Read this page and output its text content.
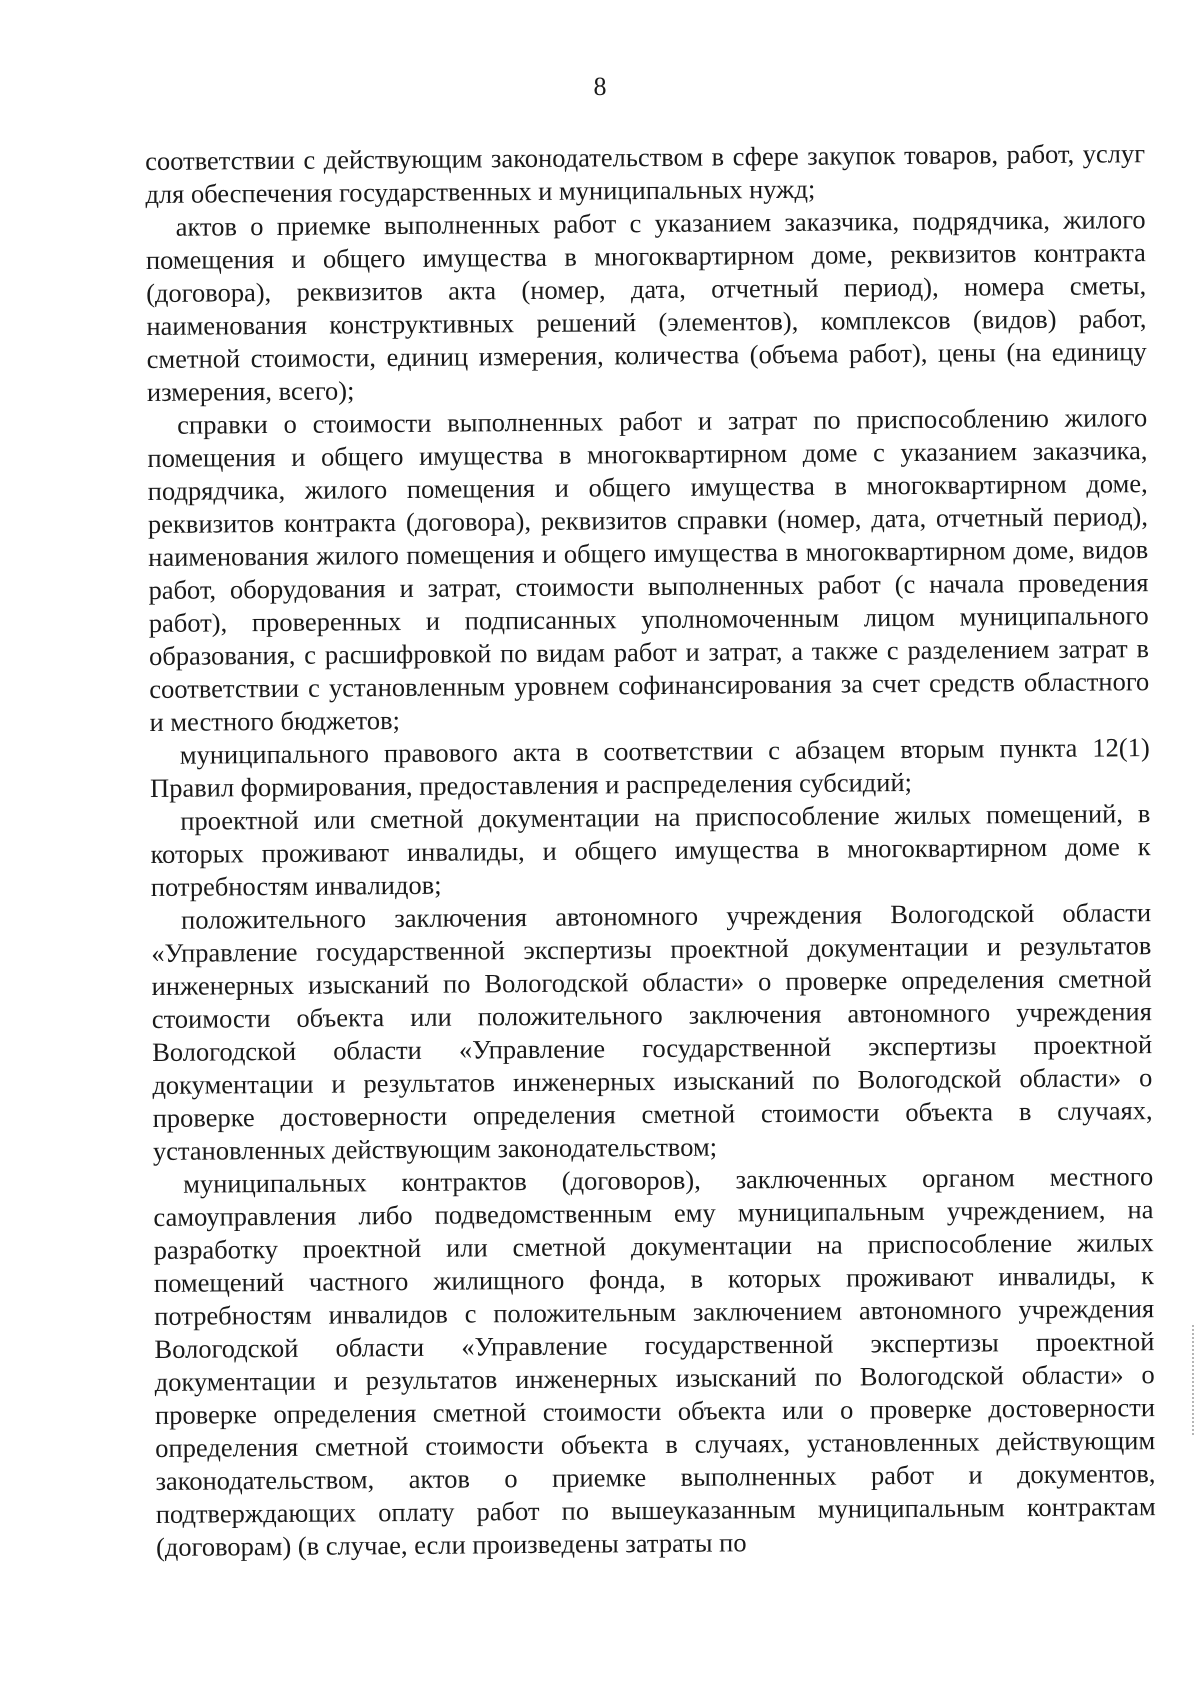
8

соответствии с действующим законодательством в сфере закупок товаров, работ, услуг для обеспечения государственных и муниципальных нужд;

актов о приемке выполненных работ с указанием заказчика, подрядчика, жилого помещения и общего имущества в многоквартирном доме, реквизитов контракта (договора), реквизитов акта (номер, дата, отчетный период), номера сметы, наименования конструктивных решений (элементов), комплексов (видов) работ, сметной стоимости, единиц измерения, количества (объема работ), цены (на единицу измерения, всего);

справки о стоимости выполненных работ и затрат по приспособлению жилого помещения и общего имущества в многоквартирном доме с указанием заказчика, подрядчика, жилого помещения и общего имущества в многоквартирном доме, реквизитов контракта (договора), реквизитов справки (номер, дата, отчетный период), наименования жилого помещения и общего имущества в многоквартирном доме, видов работ, оборудования и затрат, стоимости выполненных работ (с начала проведения работ), проверенных и подписанных уполномоченным лицом муниципального образования, с расшифровкой по видам работ и затрат, а также с разделением затрат в соответствии с установленным уровнем софинансирования за счет средств областного и местного бюджетов;

муниципального правового акта в соответствии с абзацем вторым пункта 12(1) Правил формирования, предоставления и распределения субсидий;

проектной или сметной документации на приспособление жилых помещений, в которых проживают инвалиды, и общего имущества в многоквартирном доме к потребностям инвалидов;

положительного заключения автономного учреждения Вологодской области «Управление государственной экспертизы проектной документации и результатов инженерных изысканий по Вологодской области» о проверке определения сметной стоимости объекта или положительного заключения автономного учреждения Вологодской области «Управление государственной экспертизы проектной документации и результатов инженерных изысканий по Вологодской области» о проверке достоверности определения сметной стоимости объекта в случаях, установленных действующим законодательством;

муниципальных контрактов (договоров), заключенных органом местного самоуправления либо подведомственным ему муниципальным учреждением, на разработку проектной или сметной документации на приспособление жилых помещений частного жилищного фонда, в которых проживают инвалиды, к потребностям инвалидов с положительным заключением автономного учреждения Вологодской области «Управление государственной экспертизы проектной документации и результатов инженерных изысканий по Вологодской области» о проверке определения сметной стоимости объекта или о проверке достоверности определения сметной стоимости объекта в случаях, установленных действующим законодательством, актов о приемке выполненных работ и документов, подтверждающих оплату работ по вышеуказанным муниципальным контрактам (договорам) (в случае, если произведены затраты по
